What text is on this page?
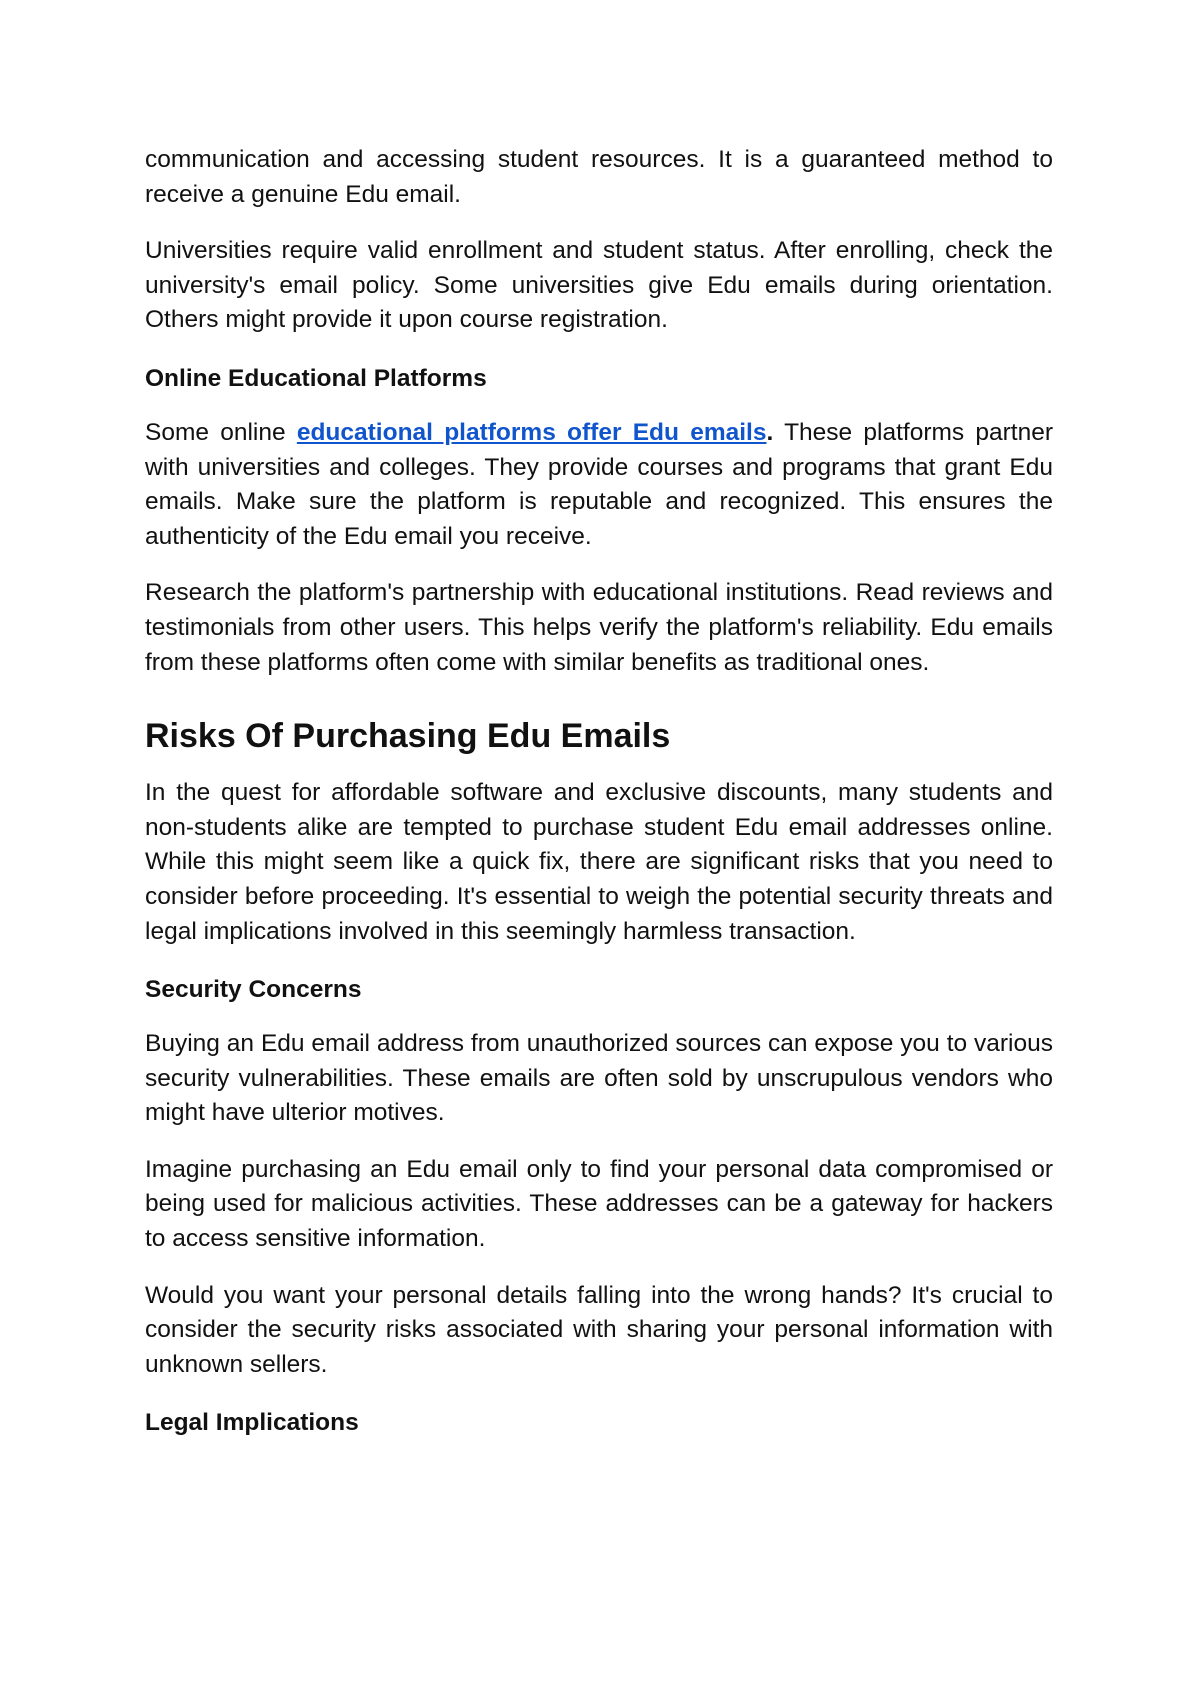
communication and accessing student resources. It is a guaranteed method to receive a genuine Edu email.

Universities require valid enrollment and student status. After enrolling, check the university's email policy. Some universities give Edu emails during orientation. Others might provide it upon course registration.

Online Educational Platforms

Some online educational platforms offer Edu emails. These platforms partner with universities and colleges. They provide courses and programs that grant Edu emails. Make sure the platform is reputable and recognized. This ensures the authenticity of the Edu email you receive.

Research the platform's partnership with educational institutions. Read reviews and testimonials from other users. This helps verify the platform's reliability. Edu emails from these platforms often come with similar benefits as traditional ones.

Risks Of Purchasing Edu Emails

In the quest for affordable software and exclusive discounts, many students and non-students alike are tempted to purchase student Edu email addresses online. While this might seem like a quick fix, there are significant risks that you need to consider before proceeding. It's essential to weigh the potential security threats and legal implications involved in this seemingly harmless transaction.

Security Concerns

Buying an Edu email address from unauthorized sources can expose you to various security vulnerabilities. These emails are often sold by unscrupulous vendors who might have ulterior motives.

Imagine purchasing an Edu email only to find your personal data compromised or being used for malicious activities. These addresses can be a gateway for hackers to access sensitive information.

Would you want your personal details falling into the wrong hands? It's crucial to consider the security risks associated with sharing your personal information with unknown sellers.

Legal Implications
